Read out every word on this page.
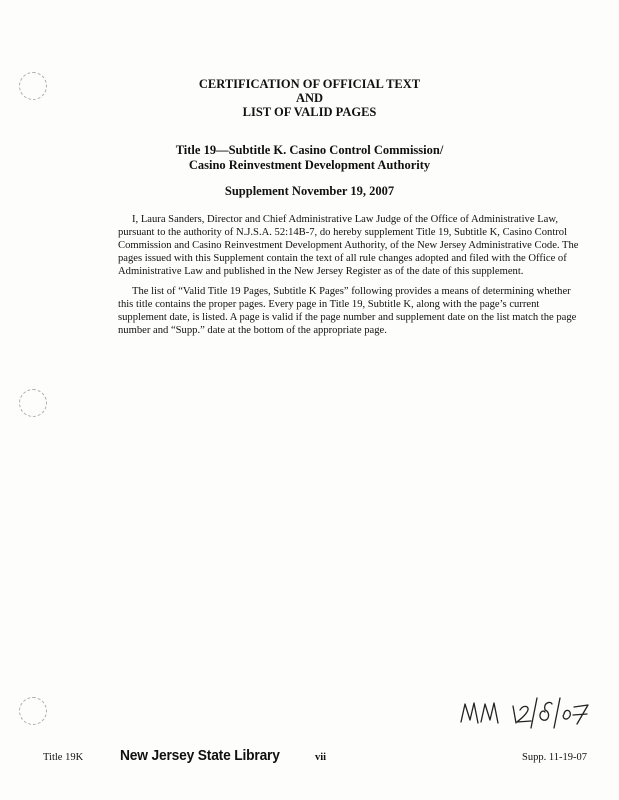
CERTIFICATION OF OFFICIAL TEXT
AND
LIST OF VALID PAGES
Title 19—Subtitle K. Casino Control Commission/
Casino Reinvestment Development Authority
Supplement November 19, 2007

I, Laura Sanders, Director and Chief Administrative Law Judge of the Office of Administrative Law, pursuant to the authority of N.J.S.A. 52:14B-7, do hereby supplement Title 19, Subtitle K, Casino Control Commission and Casino Reinvestment Development Authority, of the New Jersey Administrative Code. The pages issued with this Supplement contain the text of all rule changes adopted and filed with the Office of Administrative Law and published in the New Jersey Register as of the date of this supplement.

The list of “Valid Title 19 Pages, Subtitle K Pages” following provides a means of determining whether this title contains the proper pages. Every page in Title 19, Subtitle K, along with the page’s current supplement date, is listed. A page is valid if the page number and supplement date on the list match the page number and “Supp.” date at the bottom of the appropriate page.

Title 19K New Jersey State Library	vii	Supp. 11-19-07
